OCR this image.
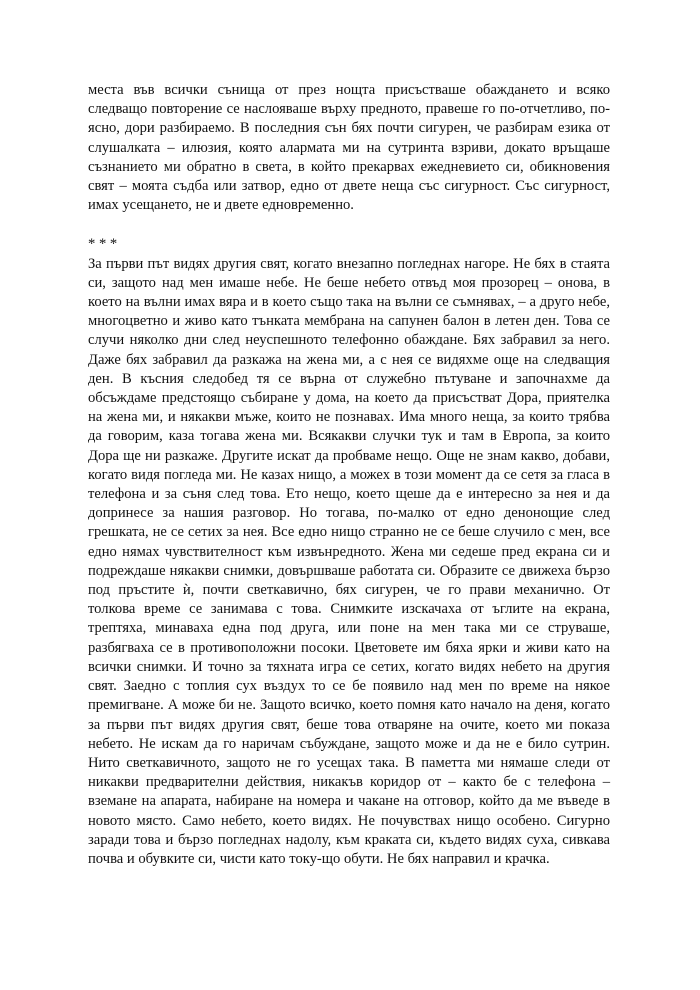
места във всички сънища от през нощта присъстваше обаждането и всяко следващо повторение се наслояваше върху предното, правеше го по-отчетливо, по-ясно, дори разбираемо. В последния сън бях почти сигурен, че разбирам езика от слушалката – илюзия, която алармата ми на сутринта взриви, докато връщаше съзнанието ми обратно в света, в който прекарвах ежедневието си, обикновения свят – моята съдба или затвор, едно от двете неща със сигурност. Със сигурност, имах усещането, не и двете едновременно.

* * *

За първи път видях другия свят, когато внезапно погледнах нагоре. Не бях в стаята си, защото над мен имаше небе. Не беше небето отвъд моя прозорец – онова, в което на вълни имах вяра и в което също така на вълни се съмнявах, – а друго небе, многоцветно и живо като тънката мембрана на сапунен балон в летен ден. Това се случи няколко дни след неуспешното телефонно обаждане. Бях забравил за него. Даже бях забравил да разкажа на жена ми, а с нея се видяхме още на следващия ден. В късния следобед тя се върна от служебно пътуване и започнахме да обсъждаме предстоящо събиране у дома, на което да присъстват Дора, приятелка на жена ми, и някакви мъже, които не познавах. Има много неща, за които трябва да говорим, каза тогава жена ми. Всякакви случки тук и там в Европа, за които Дора ще ни разкаже. Другите искат да пробваме нещо. Още не знам какво, добави, когато видя погледа ми. Не казах нищо, а можех в този момент да се сетя за гласа в телефона и за съня след това. Ето нещо, което щеше да е интересно за нея и да допринесе за нашия разговор. Но тогава, по-малко от едно денонощие след грешката, не се сетих за нея. Все едно нищо странно не се беше случило с мен, все едно нямах чувствителност към извънредното. Жена ми седеше пред екрана си и подреждаше някакви снимки, довършваше работата си. Образите се движеха бързо под пръстите ѝ, почти светкавично, бях сигурен, че го прави механично. От толкова време се занимава с това. Снимките изскачаха от ъглите на екрана, трептяха, минаваха една под друга, или поне на мен така ми се струваше, разбягваха се в противоположни посоки. Цветовете им бяха ярки и живи като на всички снимки. И точно за тяхната игра се сетих, когато видях небето на другия свят. Заедно с топлия сух въздух то се бе появило над мен по време на някое премигване. А може би не. Защото всичко, което помня като начало на деня, когато за първи път видях другия свят, беше това отваряне на очите, което ми показа небето. Не искам да го наричам събуждане, защото може и да не е било сутрин. Нито светкавичното, защото не го усещах така. В паметта ми нямаше следи от никакви предварителни действия, никакъв коридор от – както бе с телефона – вземане на апарата, набиране на номера и чакане на отговор, който да ме въведе в новото място. Само небето, което видях. Не почувствах нищо особено. Сигурно заради това и бързо погледнах надолу, към краката си, където видях суха, сивкава почва и обувките си, чисти като току-що обути. Не бях направил и крачка.
